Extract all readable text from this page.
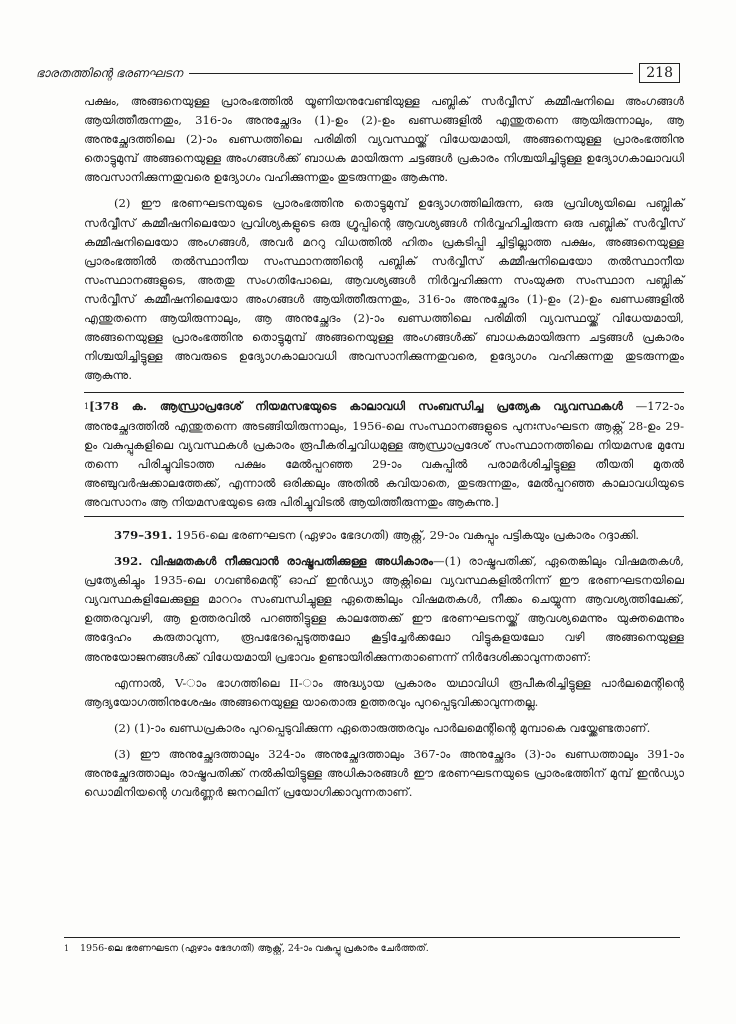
ഭാരതത്തിന്റെ ഭരണഘടന	218

പക്ഷം, അങ്ങനെയുള്ള പ്രാരംഭത്തിൽ യൂണിയനുവേണ്ടിയുള്ള പബ്ലിക് സർവ്വീസ് കമ്മീഷനിലെ അംഗങ്ങൾ ആയിത്തീരുന്നതും, 316-ാം അനുച്ഛേദം (1)-ഉം (2)-ഉം ഖണ്ഡങ്ങളിൽ എന്തുതന്നെ ആയിരുന്നാലും, ആ അനുച്ഛേദത്തിലെ (2)-ാം ഖണ്ഡത്തിലെ പരിമിതി വ്യവസ്ഥയ്ക്ക് വിധേയമായി, അങ്ങനെയുള്ള പ്രാരംഭത്തിനു തൊട്ടുമുമ്പ് അങ്ങനെയുള്ള അംഗങ്ങൾക്ക് ബാധക മായിരുന്ന ചട്ടങ്ങൾ പ്രകാരം നിശ്ചയിച്ചിട്ടുള്ള ഉദ്യോഗകാലാവധി അവസാനിക്കുന്നതുവരെ ഉദ്യോഗം വഹിക്കുന്നതും തുടരുന്നതും ആകുന്നു.

(2) ഈ ഭരണഘടനയുടെ പ്രാരംഭത്തിനു തൊട്ടുമുമ്പ് ഉദ്യോഗത്തിലിരുന്ന, ഒരു പ്രവിശ്യയിലെ പബ്ലിക് സർവ്വീസ് കമ്മീഷനിലെയോ പ്രവിശ്യകളുടെ ഒരു ഗ്രൂപ്പിന്റെ ആവശ്യങ്ങൾ നിർവ്വഹിച്ചിരുന്ന ഒരു പബ്ലിക് സർവ്വീസ് കമ്മീഷനിലെയോ അംഗങ്ങൾ, അവർ മററു വിധത്തിൽ ഹിതം പ്രകടിപ്പി ച്ചിട്ടില്ലാത്ത പക്ഷം, അങ്ങനെയുള്ള പ്രാരംഭത്തിൽ തൽസ്ഥാനീയ സംസ്ഥാനത്തിന്റെ പബ്ലിക് സർവ്വീസ് കമ്മീഷനിലെയോ തൽസ്ഥാനീയ സംസ്ഥാനങ്ങളുടെ, അതതു സംഗതിപോലെ, ആവശ്യങ്ങൾ നിർവ്വഹിക്കുന്ന സംയുക്ത സംസ്ഥാന പബ്ലിക് സർവ്വീസ് കമ്മീഷനിലെയോ അംഗങ്ങൾ ആയിത്തീരുന്നതും, 316-ാം അനുച്ഛേദം (1)-ഉം (2)-ഉം ഖണ്ഡങ്ങളിൽ എന്തുതന്നെ ആയിരുന്നാലും, ആ അനുച്ഛേദം (2)-ാം ഖണ്ഡത്തിലെ പരിമിതി വ്യവസ്ഥയ്ക്ക് വിധേയമായി, അങ്ങനെയുള്ള പ്രാരംഭത്തിനു തൊട്ടുമുമ്പ് അങ്ങനെയുള്ള അംഗങ്ങൾക്ക് ബാധകമായിരുന്ന ചട്ടങ്ങൾ പ്രകാരം നിശ്ചയിച്ചിട്ടുള്ള അവരുടെ ഉദ്യോഗകാലാവധി അവസാനിക്കുന്നതുവരെ, ഉദ്യോഗം വഹിക്കുന്നതു തുടരുന്നതും ആകുന്നു.

$^1$[378 ക. ആന്ധ്രാപ്രദേശ് നിയമസഭയുടെ കാലാവധി സംബന്ധിച്ച പ്രത്യേക വ്യവസ്ഥകൾ —172-ാം അനുച്ഛേദത്തിൽ എന്തുതന്നെ അടങ്ങിയിരുന്നാലും, 1956-ലെ സംസ്ഥാനങ്ങളുടെ പുനഃസംഘടന ആക്റ്റ് 28-ഉം 29-ഉം വകുപ്പുകളിലെ വ്യവസ്ഥകൾ പ്രകാരം രൂപീകരിച്ചവിധമുള്ള ആന്ധ്രാപ്രദേശ് സംസ്ഥാനത്തിലെ നിയമസഭ മുമ്പേ തന്നെ പിരിച്ചുവിടാത്ത പക്ഷം മേൽപ്പറഞ്ഞ 29-ാം വകുപ്പിൽ പരാമർശിച്ചിട്ടുള്ള തീയതി മുതൽ അഞ്ചുവർഷക്കാലത്തേക്ക്, എന്നാൽ ഒരിക്കലും അതിൽ കവിയാതെ, തുടരുന്നതും, മേൽപ്പറഞ്ഞ കാലാവധിയുടെ അവസാനം ആ നിയമസഭയുടെ ഒരു പിരിച്ചുവിടൽ ആയിത്തീരുന്നതും ആകുന്നു.]

379–391. 1956-ലെ ഭരണഘടന (ഏഴാം ഭേദഗതി) ആക്റ്റ്, 29-ാം വകുപ്പും പട്ടികയും പ്രകാരം റദ്ദാക്കി.

392. വിഷമതകൾ നീക്കുവാൻ രാഷ്ട്രപതിക്കുള്ള അധികാരം—(1) രാഷ്ട്രപതിക്ക്, ഏതെങ്കിലും വിഷമതകൾ, പ്രത്യേകിച്ചും 1935-ലെ ഗവൺമെന്റ് ഓഫ് ഇൻഡ്യാ ആക്റ്റിലെ വ്യവസ്ഥകളിൽനിന്ന് ഈ ഭരണഘടനയിലെ വ്യവസ്ഥകളിലേക്കുള്ള മാററം സംബന്ധിച്ചുള്ള ഏതെങ്കിലും വിഷമതകൾ, നീക്കം ചെയ്യുന്ന ആവശ്യത്തിലേക്ക്, ഉത്തരവുവഴി, ആ ഉത്തരവിൽ പറഞ്ഞിട്ടുള്ള കാലത്തേക്ക് ഈ ഭരണഘടനയ്ക്ക് ആവശ്യമെന്നും യുക്തമെന്നും അദ്ദേഹം കരുതാവുന്ന, രൂപഭേദപ്പെടുത്തലോ കൂട്ടിച്ചേർക്കലോ വിട്ടുകളയലോ വഴി അങ്ങനെയുള്ള അനുയോജനങ്ങൾക്ക് വിധേയമായി പ്രഭാവം ഉണ്ടായിരിക്കുന്നതാണെന്ന് നിർദേശിക്കാവുന്നതാണ്:

എന്നാൽ, V-ാം ഭാഗത്തിലെ II-ാം അദ്ധ്യായ പ്രകാരം യഥാവിധി രൂപീകരിച്ചിട്ടുള്ള പാർലമെന്റിന്റെ ആദ്യയോഗത്തിനുശേഷം അങ്ങനെയുള്ള യാതൊരു ഉത്തരവും പുറപ്പെടുവിക്കാവുന്നതല്ല.

(2) (1)-ാം ഖണ്ഡപ്രകാരം പുറപ്പെടുവിക്കുന്ന ഏതൊരുത്തരവും പാർലമെന്റിന്റെ മുമ്പാകെ വയ്ക്കേണ്ടതാണ്.

(3) ഈ അനുച്ഛേദത്താലും 324-ാം അനുച്ഛേദത്താലും 367-ാം അനുച്ഛേദം (3)-ാം ഖണ്ഡത്താലും 391-ാം അനുച്ഛേദത്താലും രാഷ്ട്രപതിക്ക് നൽകിയിട്ടുള്ള അധികാരങ്ങൾ ഈ ഭരണഘടനയുടെ പ്രാരംഭത്തിന് മുമ്പ് ഇൻഡ്യാ ഡൊമിനിയന്റെ ഗവർണ്ണർ ജനറലിന് പ്രയോഗിക്കാവുന്നതാണ്.

1 1956-ലെ ഭരണഘടന (ഏഴാം ഭേദഗതി) ആക്റ്റ്, 24-ാം വകുപ്പു പ്രകാരം ചേർത്തത്.
